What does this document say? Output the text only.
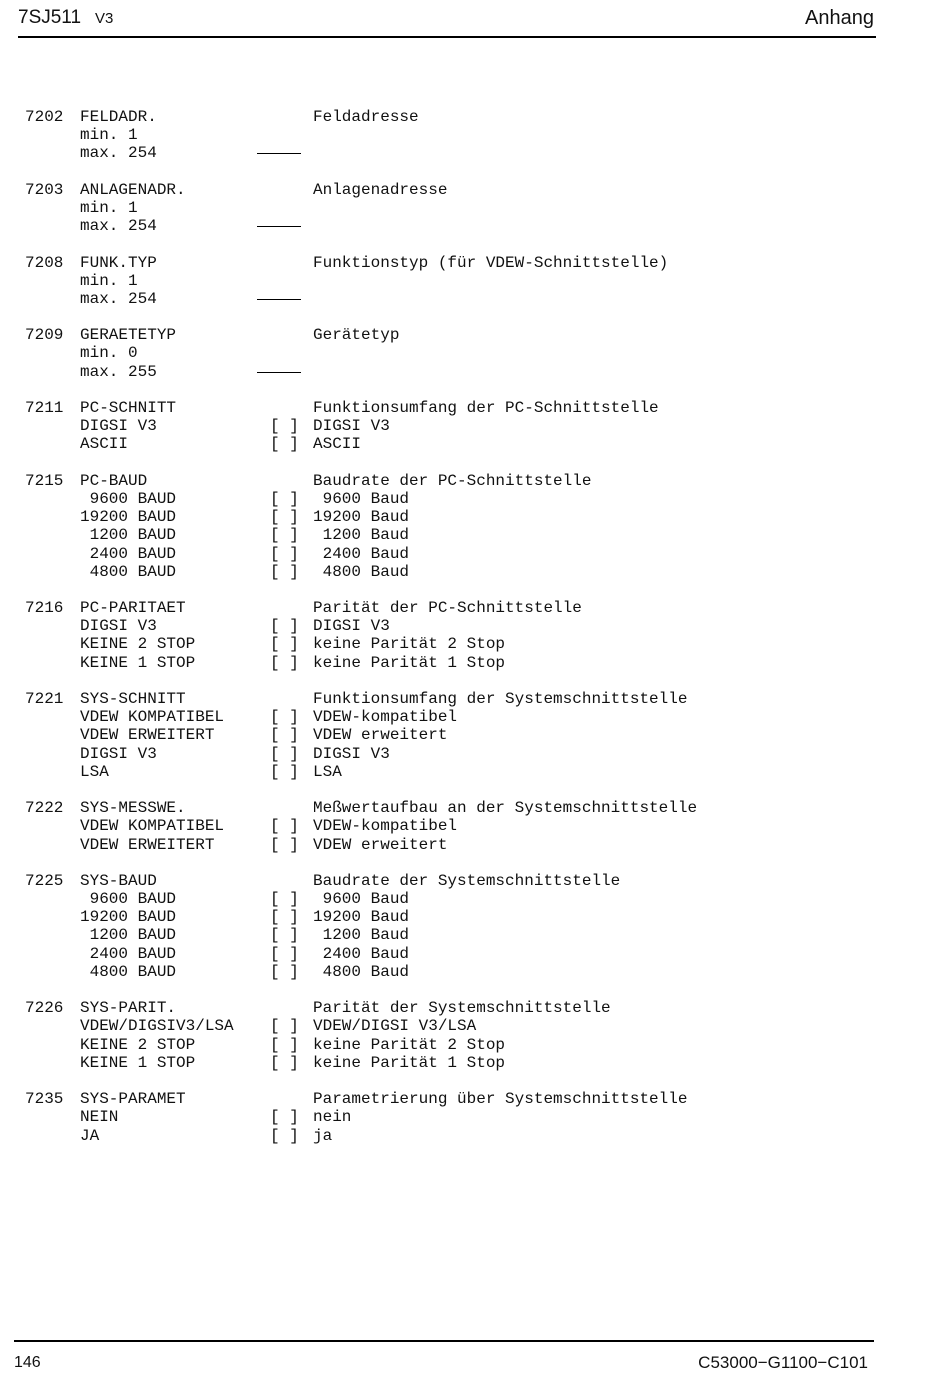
7SJ511 V3	Anhang
7202 FELDADR.	Feldadresse
min. 1
max. 254
7203 ANLAGENADR.	Anlagenadresse
min. 1
max. 254
7208 FUNK.TYP	Funktionstyp (für VDEW-Schnittstelle)
min. 1
max. 254
7209 GERAETETYP	Gerätetyp
min. 0
max. 255
7211 PC-SCHNITT	Funktionsumfang der PC-Schnittstelle
DIGSI V3	[ ] DIGSI V3
ASCII	[ ] ASCII
7215 PC-BAUD	Baudrate der PC-Schnittstelle
9600 BAUD	[ ] 9600 Baud
19200 BAUD	[ ] 19200 Baud
1200 BAUD	[ ] 1200 Baud
2400 BAUD	[ ] 2400 Baud
4800 BAUD	[ ] 4800 Baud
7216 PC-PARITAET	Parität der PC-Schnittstelle
DIGSI V3	[ ] DIGSI V3
KEINE 2 STOP	[ ] keine Parität 2 Stop
KEINE 1 STOP	[ ] keine Parität 1 Stop
7221 SYS-SCHNITT	Funktionsumfang der Systemschnittstelle
VDEW KOMPATIBEL	[ ] VDEW-kompatibel
VDEW ERWEITERT	[ ] VDEW erweitert
DIGSI V3	[ ] DIGSI V3
LSA	[ ] LSA
7222 SYS-MESSWE.	Meßwertaufbau an der Systemschnittstelle
VDEW KOMPATIBEL	[ ] VDEW-kompatibel
VDEW ERWEITERT	[ ] VDEW erweitert
7225 SYS-BAUD	Baudrate der Systemschnittstelle
9600 BAUD	[ ] 9600 Baud
19200 BAUD	[ ] 19200 Baud
1200 BAUD	[ ] 1200 Baud
2400 BAUD	[ ] 2400 Baud
4800 BAUD	[ ] 4800 Baud
7226 SYS-PARIT.	Parität der Systemschnittstelle
VDEW/DIGSIV3/LSA [ ] VDEW/DIGSI V3/LSA
KEINE 2 STOP	[ ] keine Parität 2 Stop
KEINE 1 STOP	[ ] keine Parität 1 Stop
7235 SYS-PARAMET	Parametrierung über Systemschnittstelle
NEIN	[ ] nein
JA	[ ] ja
146	C53000−G1100−C101
